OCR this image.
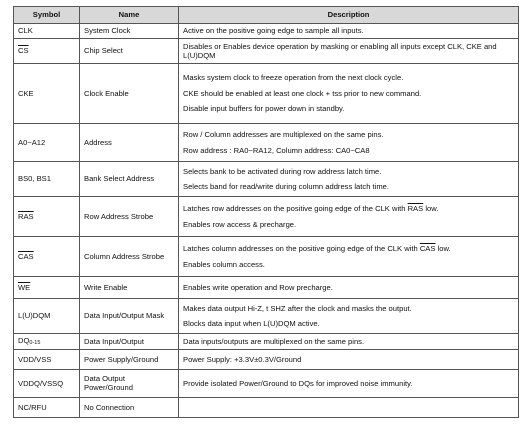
Symbol	Name	Description
CLK	System Clock	Active on the positive going edge to sample all inputs.

$\overline{CS}$	Chip Select	Disables or Enables device operation by masking or enabling all inputs except CLK, CKE and L(U)DQM

CKE	Clock Enable	Masks system clock to freeze operation from the next clock cycle.
CKE should be enabled at least one clock + tss prior to new command.
Disable input buffers for power down in standby.

A0~A12	Address	Row / Column addresses are multiplexed on the same pins.
Row address : RA0~RA12, Column address: CA0~CA8

BS0, BS1	Bank Select Address	Selects bank to be activated during row address latch time.
Selects band for read/write during column address latch time.

$\overline{RAS}$	Row Address Strobe	Latches row addresses on the positive going edge of the CLK with $\overline{RAS}$ low.
Enables row access & precharge.

$\overline{CAS}$	Column Address Strobe	Latches column addresses on the positive going edge of the CLK with $\overline{CAS}$ low.
Enables column access.

$\overline{WE}$	Write Enable	Enables write operation and Row precharge.

L(U)DQM	Data Input/Output Mask	Makes data output Hi-Z, t SHZ after the clock and masks the output.
Blocks data input when L(U)DQM active.

DQ0-15	Data Input/Output	Data inputs/outputs are multiplexed on the same pins.

VDD/VSS	Power Supply/Ground	Power Supply: +3.3V±0.3V/Ground

VDDQ/VSSQ	Data Output Power/Ground	Provide isolated Power/Ground to DQs for improved noise immunity.

NC/RFU	No Connection	
